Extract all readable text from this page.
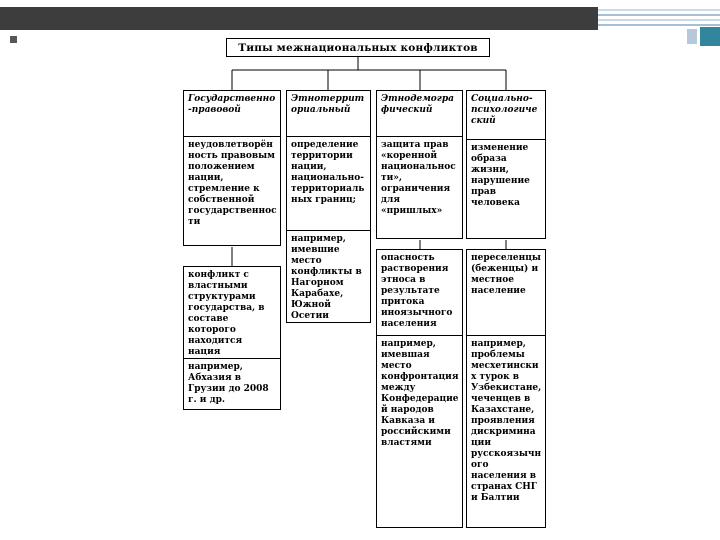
Типы межнациональных конфликтов
Государственно-правовой
неудовлетворённость правовым положением нации, стремление к собственной государственности
конфликт с властными структурами государства, в составе которого находится нация
например, Абхазия в Грузии до 2008 г. и др.
Этнотерриториальный
определение территории нации, национально-территориальных границ;
например, имевшие место конфликты в Нагорном Карабахе, Южной Осетии
Этнодемографический
защита прав «коренной национальности», ограничения для «пришлых»
опасность растворения этноса в результате притока иноязычного населения
например, имевшая место конфронтация между Конфедерацией народов Кавказа и российскими властями
Социально-психологический
изменение образа жизни, нарушение прав человека
переселенцы (беженцы) и местное население
например, проблемы месхетинских турок в Узбекистане, чеченцев в Казахстане, проявления дискриминации русскоязычного населения в странах СНГ и Балтии
